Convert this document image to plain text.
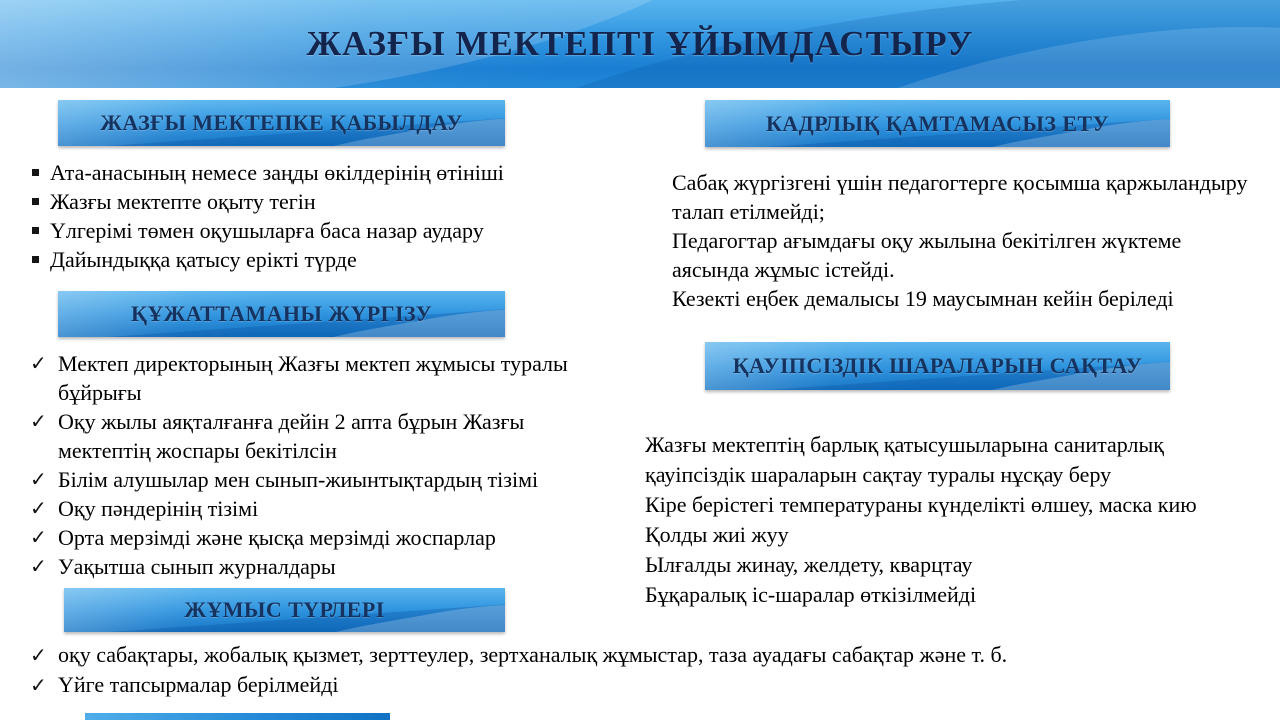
ЖАЗҒЫ МЕКТЕПТІ ҰЙЫМДАСТЫРУ
ЖАЗҒЫ МЕКТЕПКЕ ҚАБЫЛДАУ
Ата-анасының немесе заңды өкілдерінің өтініші
Жазғы мектепте оқыту тегін
Үлгерімі төмен оқушыларға баса назар аудару
Дайындыққа қатысу ерікті түрде
ҚҰЖАТТАМАНЫ ЖҮРГІЗУ
✓ Мектеп директорының Жазғы мектеп жұмысы туралы бұйрығы
✓ Оқу жылы аяқталғанға дейін 2 апта бұрын Жазғы мектептің жоспары бекітілсін
✓ Білім алушылар мен сынып-жиынтықтардың тізімі
✓ Оқу пәндерінің тізімі
✓ Орта мерзімді және қысқа мерзімді жоспарлар
✓ Уақытша сынып журналдары
ЖҰМЫС ТҮРЛЕРІ
КАДРЛЫҚ ҚАМТАМАСЫЗ ЕТУ
Сабақ жүргізгені үшін педагогтерге қосымша қаржыландыру талап етілмейді;
Педагогтар ағымдағы оқу жылына бекітілген жүктеме аясында жұмыс істейді.
Кезекті еңбек демалысы 19 маусымнан кейін беріледі
ҚАУІПСІЗДІК ШАРАЛАРЫН САҚТАУ
Жазғы мектептің барлық қатысушыларына санитарлық қауіпсіздік шараларын сақтау туралы нұсқау беру
Кіре берістегі температураны күнделікті өлшеу, маска кию
Қолды жиі жуу
Ылғалды жинау, желдету, кварцтау
Бұқаралық іс-шаралар өткізілмейді
✓ оқу сабақтары, жобалық қызмет, зерттеулер, зертханалық жұмыстар, таза ауадағы сабақтар және т. б.
✓ Үйге тапсырмалар берілмейді
